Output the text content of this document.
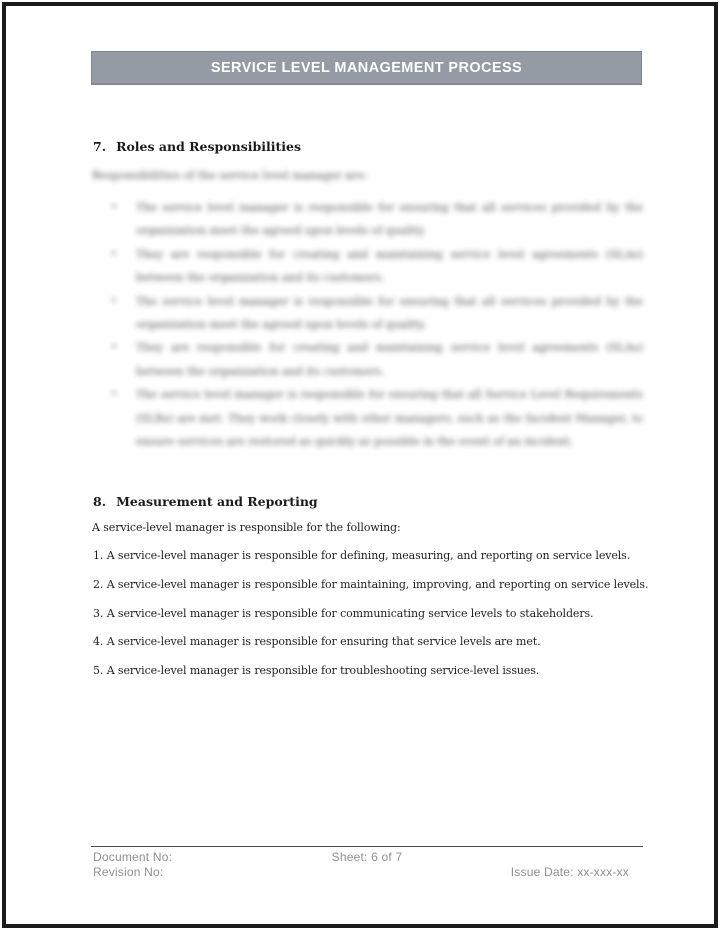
SERVICE LEVEL MANAGEMENT PROCESS
7. Roles and Responsibilities
Responsibilities of the service level manager are:
•	The service level manager is responsible for ensuring that all services provided by the organization meet the agreed upon levels of quality.
•	They are responsible for creating and maintaining service level agreements (SLAs) between the organization and its customers.
•	The service level manager is responsible for ensuring that all services provided by the organization meet the agreed upon levels of quality.
•	They are responsible for creating and maintaining service level agreements (SLAs) between the organization and its customers.
•	The service level manager is responsible for ensuring that all Service Level Requirements (SLRs) are met. They work closely with other managers, such as the Incident Manager, to ensure services are restored as quickly as possible in the event of an incident.
8. Measurement and Reporting
A service-level manager is responsible for the following:
1. A service-level manager is responsible for defining, measuring, and reporting on service levels.
2. A service-level manager is responsible for maintaining, improving, and reporting on service levels.
3. A service-level manager is responsible for communicating service levels to stakeholders.
4. A service-level manager is responsible for ensuring that service levels are met.
5. A service-level manager is responsible for troubleshooting service-level issues.
Document No:	Sheet: 6 of 7
Revision No:	Issue Date: xx-xxx-xx
